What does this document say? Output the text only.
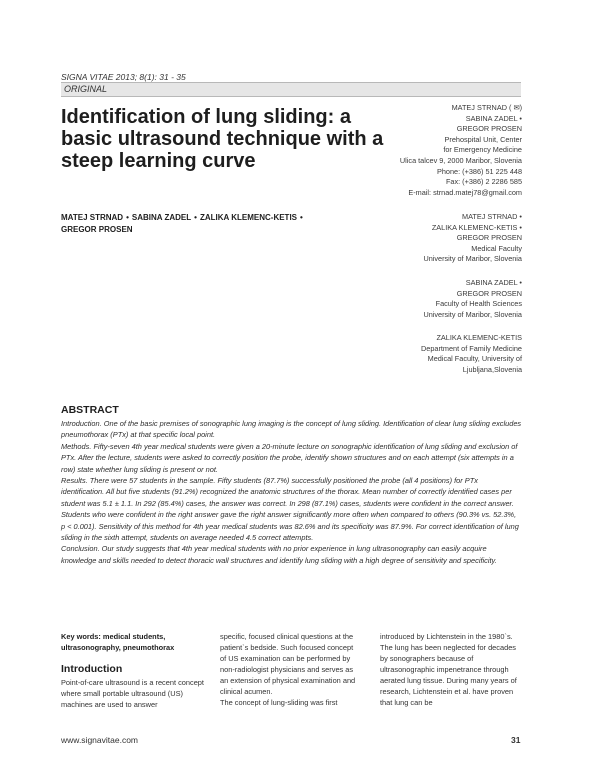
SIGNA VITAE 2013; 8(1): 31 - 35
ORIGINAL
Identification of lung sliding: a basic ultrasound technique with a steep learning curve
MATEJ STRNAD • SABINA ZADEL • ZALIKA KLEMENC-KETIS •
GREGOR PROSEN
MATEJ STRNAD ( ✉)
SABINA ZADEL •
GREGOR PROSEN
Prehospital Unit, Center
for Emergency Medicine
Ulica talcev 9, 2000 Maribor, Slovenia
Phone: (+386) 51 225 448
Fax: (+386) 2 2286 585
E-mail: strnad.matej78@gmail.com
MATEJ STRNAD •
ZALIKA KLEMENC-KETIS •
GREGOR PROSEN
Medical Faculty
University of Maribor, Slovenia
SABINA ZADEL •
GREGOR PROSEN
Faculty of Health Sciences
University of Maribor, Slovenia
ZALIKA KLEMENC-KETIS
Department of Family Medicine
Medical Faculty, University of
Ljubljana,Slovenia
ABSTRACT

Introduction. One of the basic premises of sonographic lung imaging is the concept of lung sliding. Identification of clear lung sliding excludes pneumothorax (PTx) at that specific local point.

Methods. Fifty-seven 4th year medical students were given a 20-minute lecture on sonographic identification of lung sliding and exclusion of PTx. After the lecture, students were asked to correctly position the probe, identify shown structures and on each attempt (six attempts in a row) state whether lung sliding is present or not.

Results. There were 57 students in the sample. Fifty students (87.7%) successfully positioned the probe (all 4 positions) for PTx identification. All but five students (91.2%) recognized the anatomic structures of the thorax. Mean number of correctly identified cases per student was 5.1 ± 1.1. In 292 (85.4%) cases, the answer was correct. In 298 (87.1%) cases, students were confident in the correct answer. Students who were confident in the right answer gave the right answer significantly more often when compared to others (90.3% vs. 52.3%, p < 0.001). Sensitivity of this method for 4th year medical students was 82.6% and its specificity was 87.9%. For correct identification of lung sliding in the sixth attempt, students on average needed 4.5 correct attempts.

Conclusion. Our study suggests that 4th year medical students with no prior experience in lung ultrasonography can easily acquire knowledge and skills needed to detect thoracic wall structures and identify lung sliding with a high degree of sensitivity and specificity.

Key words: medical students, ultrasonography, pneumothorax

Introduction

Point-of-care ultrasound is a recent concept where small portable ultrasound (US) machines are used to answer

specific, focused clinical questions at the patient`s bedside. Such focused concept of US examination can be performed by non-radiologist physicians and serves as an extension of physical examination and clinical acumen.

The concept of lung-sliding was first

introduced by Lichtenstein in the 1980`s. The lung has been neglected for decades by sonographers because of ultrasonographic impenetrance through aerated lung tissue. During many years of research, Lichtenstein et al. have proven that lung can be

www.signavitae.com	31
